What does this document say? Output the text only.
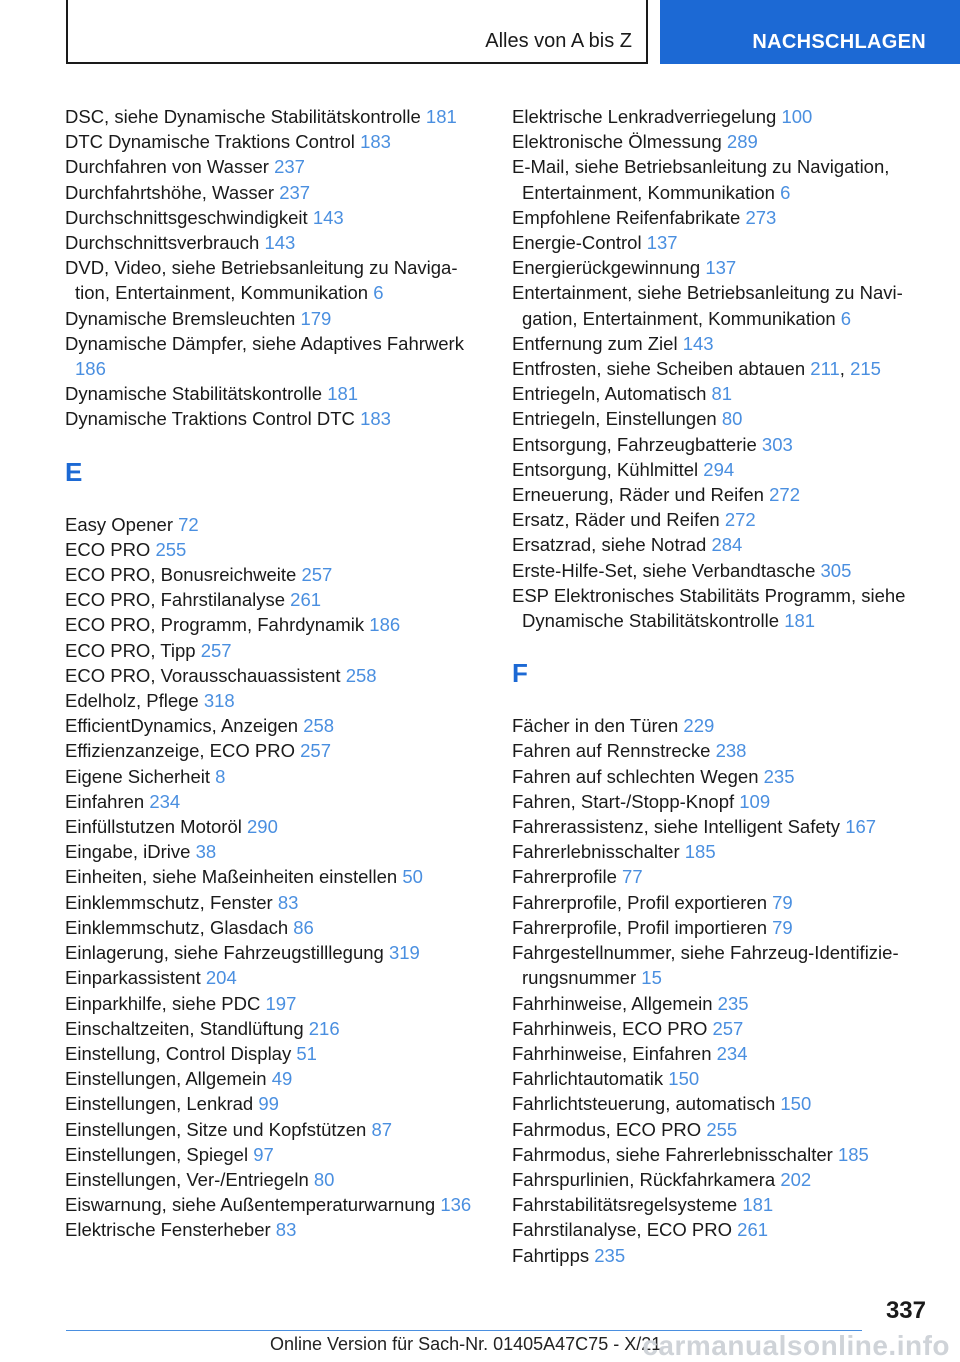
Alles von A bis Z	NACHSCHLAGEN
DSC, siehe Dynamische Stabilitätskontrolle 181
DTC Dynamische Traktions Control 183
Durchfahren von Wasser 237
Durchfahrtshöhe, Wasser 237
Durchschnittsgeschwindigkeit 143
Durchschnittsverbrauch 143
DVD, Video, siehe Betriebsanleitung zu Navigation, Entertainment, Kommunikation 6
Dynamische Bremsleuchten 179
Dynamische Dämpfer, siehe Adaptives Fahrwerk 186
Dynamische Stabilitätskontrolle 181
Dynamische Traktions Control DTC 183
E
Easy Opener 72
ECO PRO 255
ECO PRO, Bonusreichweite 257
ECO PRO, Fahrstilanalyse 261
ECO PRO, Programm, Fahrdynamik 186
ECO PRO, Tipp 257
ECO PRO, Vorausschauassistent 258
Edelholz, Pflege 318
EfficientDynamics, Anzeigen 258
Effizienzanzeige, ECO PRO 257
Eigene Sicherheit 8
Einfahren 234
Einfüllstutzen Motoröl 290
Eingabe, iDrive 38
Einheiten, siehe Maßeinheiten einstellen 50
Einklemmschutz, Fenster 83
Einklemmschutz, Glasdach 86
Einlagerung, siehe Fahrzeugstilllegung 319
Einparkassistent 204
Einparkhilfe, siehe PDC 197
Einschaltzeiten, Standlüftung 216
Einstellung, Control Display 51
Einstellungen, Allgemein 49
Einstellungen, Lenkrad 99
Einstellungen, Sitze und Kopfstützen 87
Einstellungen, Spiegel 97
Einstellungen, Ver-/Entriegeln 80
Eiswarnung, siehe Außentemperaturwarnung 136
Elektrische Fensterheber 83
Elektrische Lenkradverriegelung 100
Elektronische Ölmessung 289
E-Mail, siehe Betriebsanleitung zu Navigation, Entertainment, Kommunikation 6
Empfohlene Reifenfabrikate 273
Energie-Control 137
Energierückgewinnung 137
Entertainment, siehe Betriebsanleitung zu Navigation, Entertainment, Kommunikation 6
Entfernung zum Ziel 143
Entfrosten, siehe Scheiben abtauen 211, 215
Entriegeln, Automatisch 81
Entriegeln, Einstellungen 80
Entsorgung, Fahrzeugbatterie 303
Entsorgung, Kühlmittel 294
Erneuerung, Räder und Reifen 272
Ersatz, Räder und Reifen 272
Ersatzrad, siehe Notrad 284
Erste-Hilfe-Set, siehe Verbandtasche 305
ESP Elektronisches Stabilitäts Programm, siehe Dynamische Stabilitätskontrolle 181
F
Fächer in den Türen 229
Fahren auf Rennstrecke 238
Fahren auf schlechten Wegen 235
Fahren, Start-/Stopp-Knopf 109
Fahrerassistenz, siehe Intelligent Safety 167
Fahrerlebnisschalter 185
Fahrerprofile 77
Fahrerprofile, Profil exportieren 79
Fahrerprofile, Profil importieren 79
Fahrgestellnummer, siehe Fahrzeug-Identifizierungsnummer 15
Fahrhinweise, Allgemein 235
Fahrhinweis, ECO PRO 257
Fahrhinweise, Einfahren 234
Fahrlichtautomatik 150
Fahrlichtsteuerung, automatisch 150
Fahrmodus, ECO PRO 255
Fahrmodus, siehe Fahrerlebnisschalter 185
Fahrspurlinien, Rückfahrkamera 202
Fahrstabilitätsregelsysteme 181
Fahrstilanalyse, ECO PRO 261
Fahrtipps 235
337
Online Version für Sach-Nr. 01405A47C75 - X/21
carmanualsonline.info
